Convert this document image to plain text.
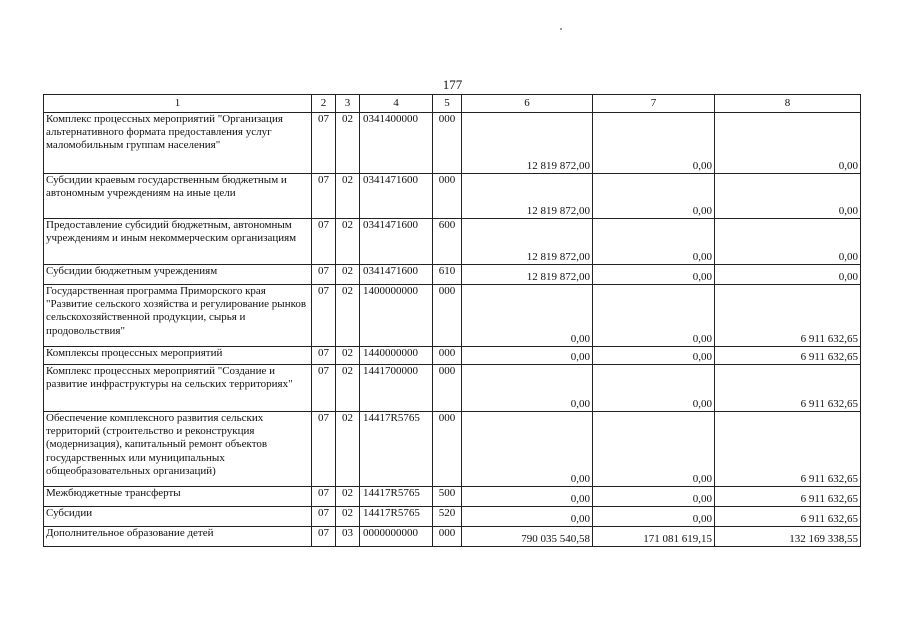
177
1	2	3	4	5	6	7	8
Комплекс процессных мероприятий "Организация альтернативного формата предоставления услуг маломобильным группам населения"	07	02	0341400000	000	12 819 872,00	0,00	0,00
Субсидии краевым государственным бюджетным и автономным учреждениям на иные цели	07	02	0341471600	000	12 819 872,00	0,00	0,00
Предоставление субсидий бюджетным, автономным учреждениям и иным некоммерческим организациям	07	02	0341471600	600	12 819 872,00	0,00	0,00
Субсидии бюджетным учреждениям	07	02	0341471600	610	12 819 872,00	0,00	0,00
Государственная программа Приморского края "Развитие сельского хозяйства и регулирование рынков сельскохозяйственной продукции, сырья и продовольствия"	07	02	1400000000	000	0,00	0,00	6 911 632,65
Комплексы процессных мероприятий	07	02	1440000000	000	0,00	0,00	6 911 632,65
Комплекс процессных мероприятий "Создание и развитие инфраструктуры на сельских территориях"	07	02	1441700000	000	0,00	0,00	6 911 632,65
Обеспечение комплексного развития сельских территорий (строительство и реконструкция (модернизация), капитальный ремонт объектов государственных или муниципальных общеобразовательных организаций)	07	02	14417R5765	000	0,00	0,00	6 911 632,65
Межбюджетные трансферты	07	02	14417R5765	500	0,00	0,00	6 911 632,65
Субсидии	07	02	14417R5765	520	0,00	0,00	6 911 632,65
Дополнительное образование детей	07	03	0000000000	000	790 035 540,58	171 081 619,15	132 169 338,55
